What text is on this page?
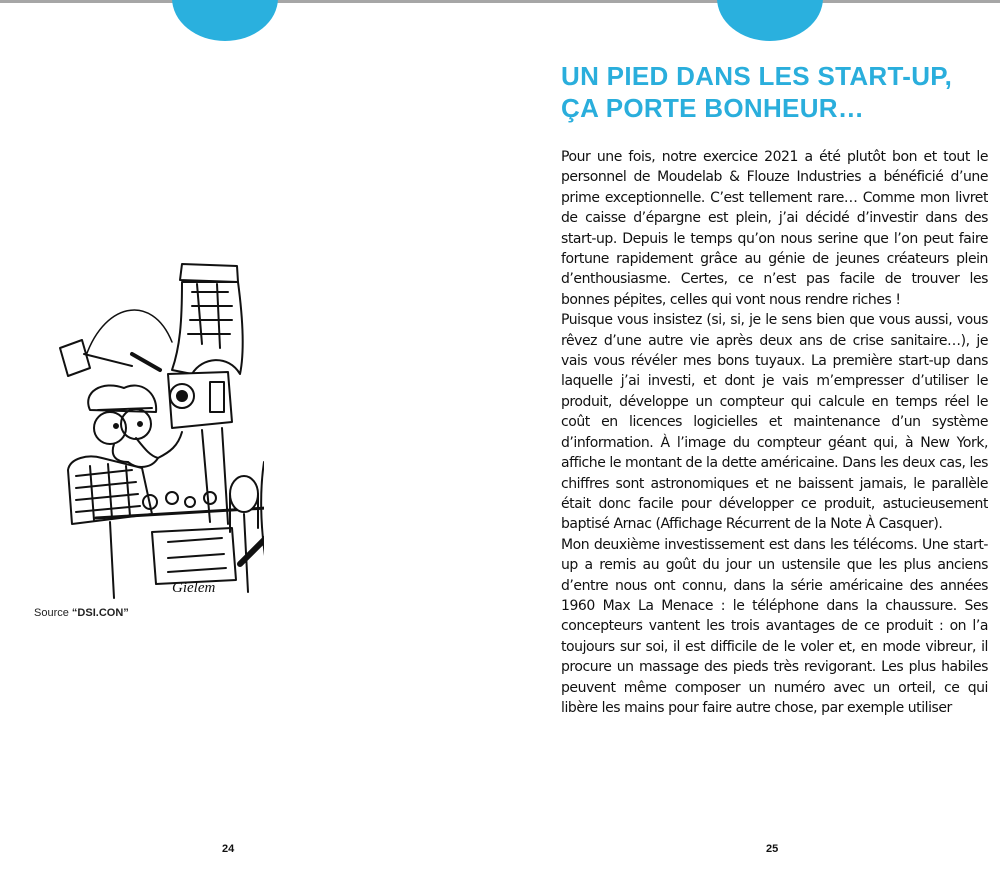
Gielem
Source “DSI.CON”
24
UN PIED DANS LES START-UP, ÇA PORTE BONHEUR…

Pour une fois, notre exercice 2021 a été plutôt bon et tout le personnel de Moudelab & Flouze Industries a bénéficié d’une prime exceptionnelle. C’est tellement rare… Comme mon livret de caisse d’épargne est plein, j’ai décidé d’investir dans des start-up. Depuis le temps qu’on nous serine que l’on peut faire fortune rapidement grâce au génie de jeunes créateurs plein d’enthousiasme. Certes, ce n’est pas facile de trouver les bonnes pépites, celles qui vont nous rendre riches !

Puisque vous insistez (si, si, je le sens bien que vous aussi, vous rêvez d’une autre vie après deux ans de crise sanitaire…), je vais vous révéler mes bons tuyaux. La première start-up dans laquelle j’ai investi, et dont je vais m’empresser d’utiliser le produit, développe un compteur qui calcule en temps réel le coût en licences logicielles et maintenance d’un système d’information. À l’image du compteur géant qui, à New York, affiche le montant de la dette américaine. Dans les deux cas, les chiffres sont astronomiques et ne baissent jamais, le parallèle était donc facile pour développer ce produit, astucieusement baptisé Arnac (Affichage Récurrent de la Note À Casquer).

Mon deuxième investissement est dans les télécoms. Une start-up a remis au goût du jour un ustensile que les plus anciens d’entre nous ont connu, dans la série américaine des années 1960 Max La Menace : le téléphone dans la chaussure. Ses concepteurs vantent les trois avantages de ce produit : on l’a toujours sur soi, il est difficile de le voler et, en mode vibreur, il procure un massage des pieds très revigorant. Les plus habiles peuvent même composer un numéro avec un orteil, ce qui libère les mains pour faire autre chose, par exemple utiliser

25
